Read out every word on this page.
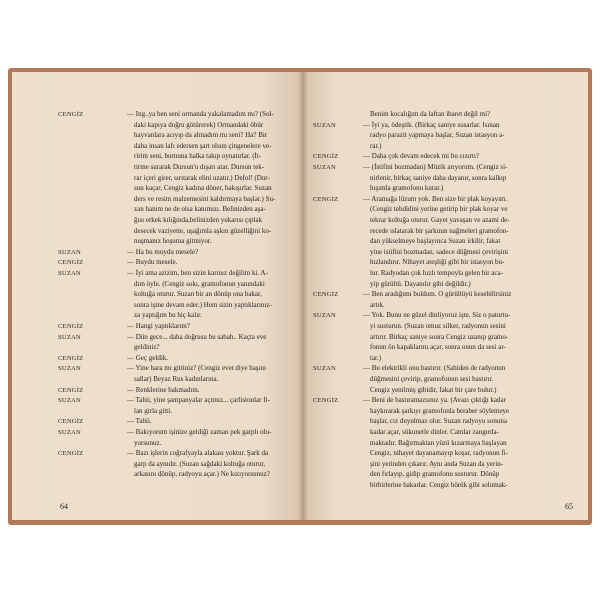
CENGİZ	— Ing..ya ben seni ormanda yakalamadım mı? (Sol-
daki kapıya doğru götürerek) Ormandaki öbür
hayvanlara acıyıp da almadım mı seni? Ha? Bir
daha insan lafı edersen şart olsun çingenelere ve-
ririm seni, burnuna halka takıp oynatırlar. (İt-
tirme surarak Dursun'u dışarı atar. Dursun tek-
rar içeri girer, sırıtarak elini uzatır.) Defol! (Dur-
sun kaçar, Cengiz kadına döner, bakışırlar. Suzan
ders ve resim malzemesini kaldırmaya başlar.) Su-
zan hanım ne de olsa kanımızı. Belinizden aşa-
ğısı erkek kılığında,belinizden yukarısı çıplak
desecek vaziyette, uşağımla aşkın güzelliğini ko-
nuşmanız hoşuma gitmiyor.
SUZAN	— Ha bu muydu mesele?
CENGİZ	— Buydu mesele.
SUZAN	— İyi ama azizim, ben sizin karınız değilim ki. A-
dım öyle. (Cengiz sokı, gramofonun yanındaki
koltuğa oturur. Suzan bir an dönüp ona bakar,
sonra işine devam eder.) Hem sizin yaptıklarınız-
za yaptığım bu hiç kalır.
CENGİZ	— Hangi yaptıklarım?
SUZAN	— Dün gece... daha doğrusu bu sabah.. Kaçta eve
geldiniz?
CENGİZ	— Geç geldik.
SUZAN	— Yine bara mı gittiniz? (Cengiz evet diye başını
sallar) Beyaz Rus kadınlarına.
CENGİZ	— Renklerine bakmadım.
SUZAN	— Tabii, yine şampanyalar açtınız... çarlistonlar fi-
lan girla gitti.
CENGİZ	— Tabii.
SUZAN	— Bakıyorum işinize geldiği zaman pek garplı olu-
yorsunuz.
CENGİZ	— Bazı işlerin coğrafyayla alakası yoktur. Şark da
garp da aynıdır. (Suzan sağdaki koltuğa oturur,
arkasını dönüp, radyoyu açar.) Ne kızıyorsunuz?
64
Benim kocalığım da laftan ibaret değil mi?
SUZAN	— İyi ya, ödeştik. (Birkaç saniye susarlar. Isınan
radyo parazit yapmaya başlar, Suzan istasyon a-
rar.)
CENGİZ	— Daha çok devam edecek mi bu cızırtı?
SUZAN	— (İstifini bozmadan) Müzik arıyorum. (Cengiz si-
nirlenir, birkaç saniye daha dayanır, sonra kalkıp
hışımla gramofonu kurar.)
CENGİZ	— Aramağa lüzum yok. Ben size bir plak koyayım.
(Cengiz tehdidini yerine getirip bir plak koyar ve
tekrar koltuğa oturur. Gayet yavaşan ve azami de-
recede ıslatarak bir şarkının nağmeleri gramofon-
dan yükselmeye başlayınca Suzan irkilir, fakat
yine istifini bozmadan, sadece düğmesi çevirişini
hızlandırır. Nihayet ateşliği gibi bir istasyon bu-
lur. Radyodan çok hızlı tempoyla gelen bir aca-
yip gürültü. Dayanılır gibi değildir.)
CENGİZ	— Ben aradığımı buldum. O gürültüyü kesebilirsiniz
artık.
SUZAN	— Yok. Bunu ne güzel dinliyoruz işte. Siz o paturtu-
yi susturun. (Suzan omuz silker, radyonun sesini
artırır. Birkaç saniye sonra Cengiz uzanıp gramo-
fonun ön kapaklarını açar, sonra onun da sesi ar-
tar.)
SUZAN	— Bu elektrikli onu bastırır. (Sahiden de radyonun
düğmesini çevirip, gramofonun sesi bastırır.
Cengiz yenilmiş gibidir, fakat bir çare bulur.)
CENGİZ	— Beni de bastıramazsınız ya. (Avazı çıktığı kadar
haykırarak şarkıyı gramofonla beraber söylemeye
başlar, cız duyulmaz olur. Suzan radyoyu sonuna
kadar açar, sükunetle dinler. Camlar zangırda-
maktadır. Bağırmaktan yüzü kızarmaya başlayan
Cengiz, nihayet dayanamayıp koşar, radyonun fi-
şini yerinden çıkarır. Aynı anda Suzan da yerin-
den fırlayıp, gidip gramofonu susturur. Dönüp
birbirlerine bakarlar. Cengiz hörük gibi solumak-
65
